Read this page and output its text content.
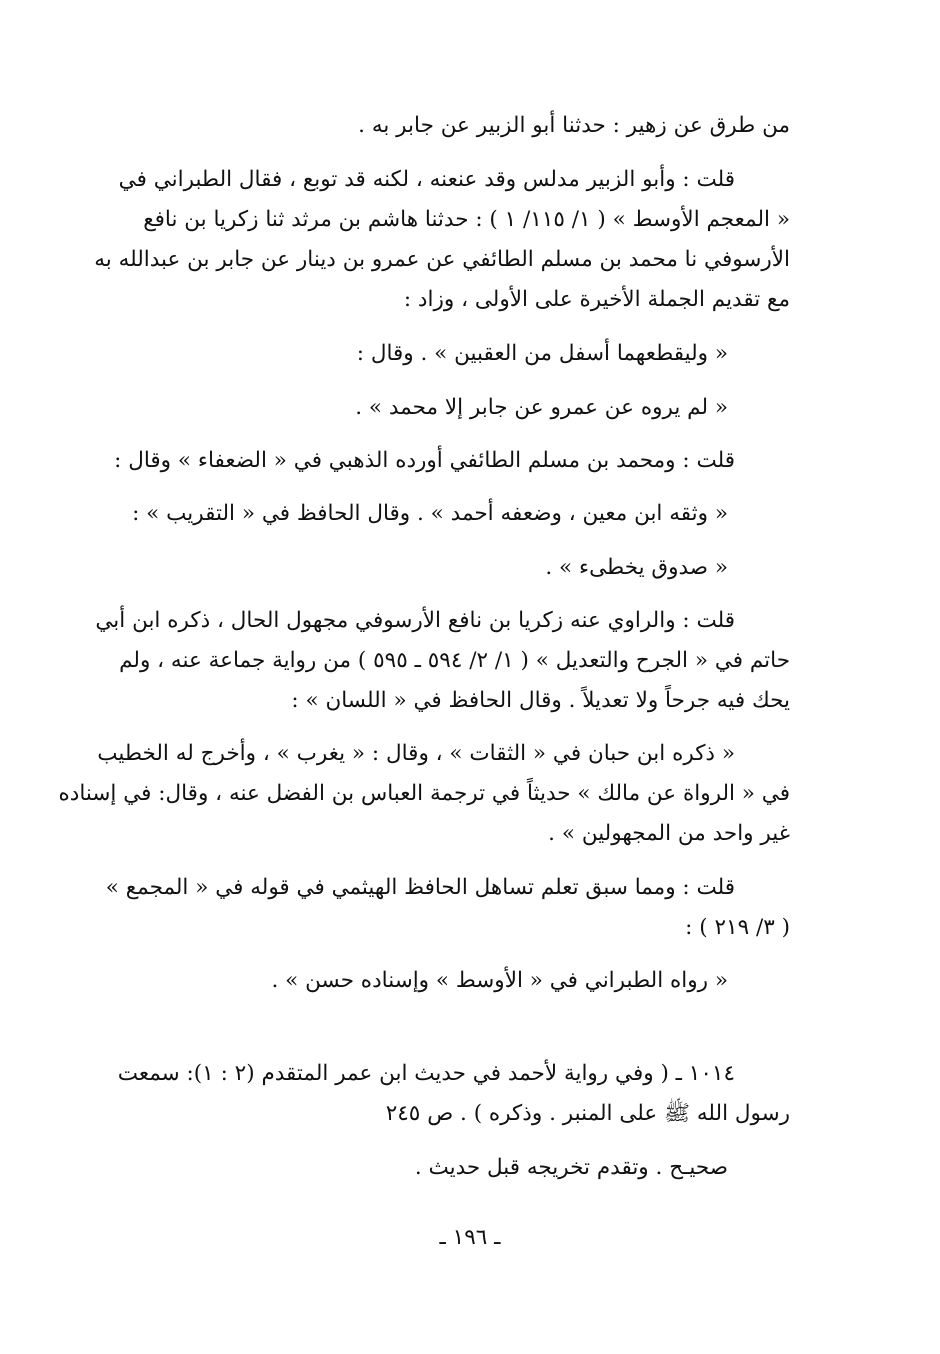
من طرق عن زهير : حدثنا أبو الزبير عن جابر به .
قلت : وأبو الزبير مدلس وقد عنعنه ، لكنه قد توبع ، فقال الطبراني في
« المعجم الأوسط » ( ١/ ١١٥/ ١ ) : حدثنا هاشم بن مرثد ثنا زكريا بن نافع
الأرسوفي نا محمد بن مسلم الطائفي عن عمرو بن دينار عن جابر بن عبدالله به
مع تقديم الجملة الأخيرة على الأولى ، وزاد :
« وليقطعهما أسفل من العقبين » . وقال :
« لم يروه عن عمرو عن جابر إلا محمد » .
قلت : ومحمد بن مسلم الطائفي أورده الذهبي في « الضعفاء » وقال :
« وثقه ابن معين ، وضعفه أحمد » . وقال الحافظ في « التقريب » :
« صدوق يخطىء » .
قلت : والراوي عنه زكريا بن نافع الأرسوفي مجهول الحال ، ذكره ابن أبي
حاتم في « الجرح والتعديل » ( ١/ ٢/ ٥٩٤ ـ ٥٩٥ ) من رواية جماعة عنه ، ولم
يحك فيه جرحاً ولا تعديلاً . وقال الحافظ في « اللسان » :
« ذكره ابن حبان في « الثقات » ، وقال : « يغرب » ، وأخرج له الخطيب
في « الرواة عن مالك » حديثاً في ترجمة العباس بن الفضل عنه ، وقال: في إسناده
غير واحد من المجهولين » .
قلت : ومما سبق تعلم تساهل الحافظ الهيثمي في قوله في « المجمع »
( ٣/ ٢١٩ ) :
« رواه الطبراني في « الأوسط » وإسناده حسن » .
١٠١٤ ـ ( وفي رواية لأحمد في حديث ابن عمر المتقدم (٢ : ١): سمعت
رسول الله ﷺ على المنبر . وذكره ) . ص ٢٤٥
صحيـح . وتقدم تخريجه قبل حديث .
ـ ١٩٦ ـ
